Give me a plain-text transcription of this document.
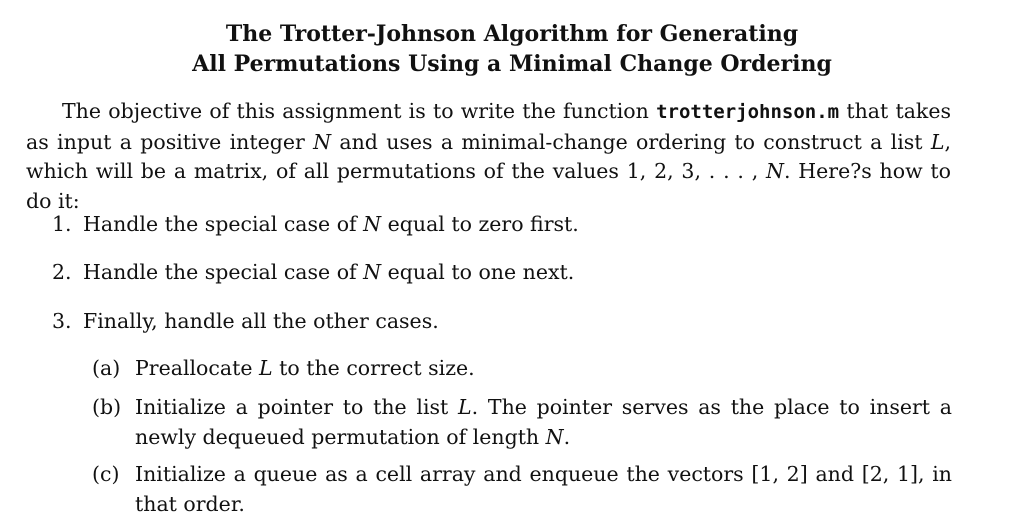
The Trotter-Johnson Algorithm for Generating
All Permutations Using a Minimal Change Ordering
The objective of this assignment is to write the function trotterjohnson.m that takes as input a positive integer N and uses a minimal-change ordering to construct a list L, which will be a matrix, of all permutations of the values 1, 2, 3, . . . , N. Here?s how to do it:
1. Handle the special case of N equal to zero first.
2. Handle the special case of N equal to one next.
3. Finally, handle all the other cases.
(a) Preallocate L to the correct size.
(b) Initialize a pointer to the list L. The pointer serves as the place to insert a newly dequeued permutation of length N.
(c) Initialize a queue as a cell array and enqueue the vectors [1, 2] and [2, 1], in that order.
